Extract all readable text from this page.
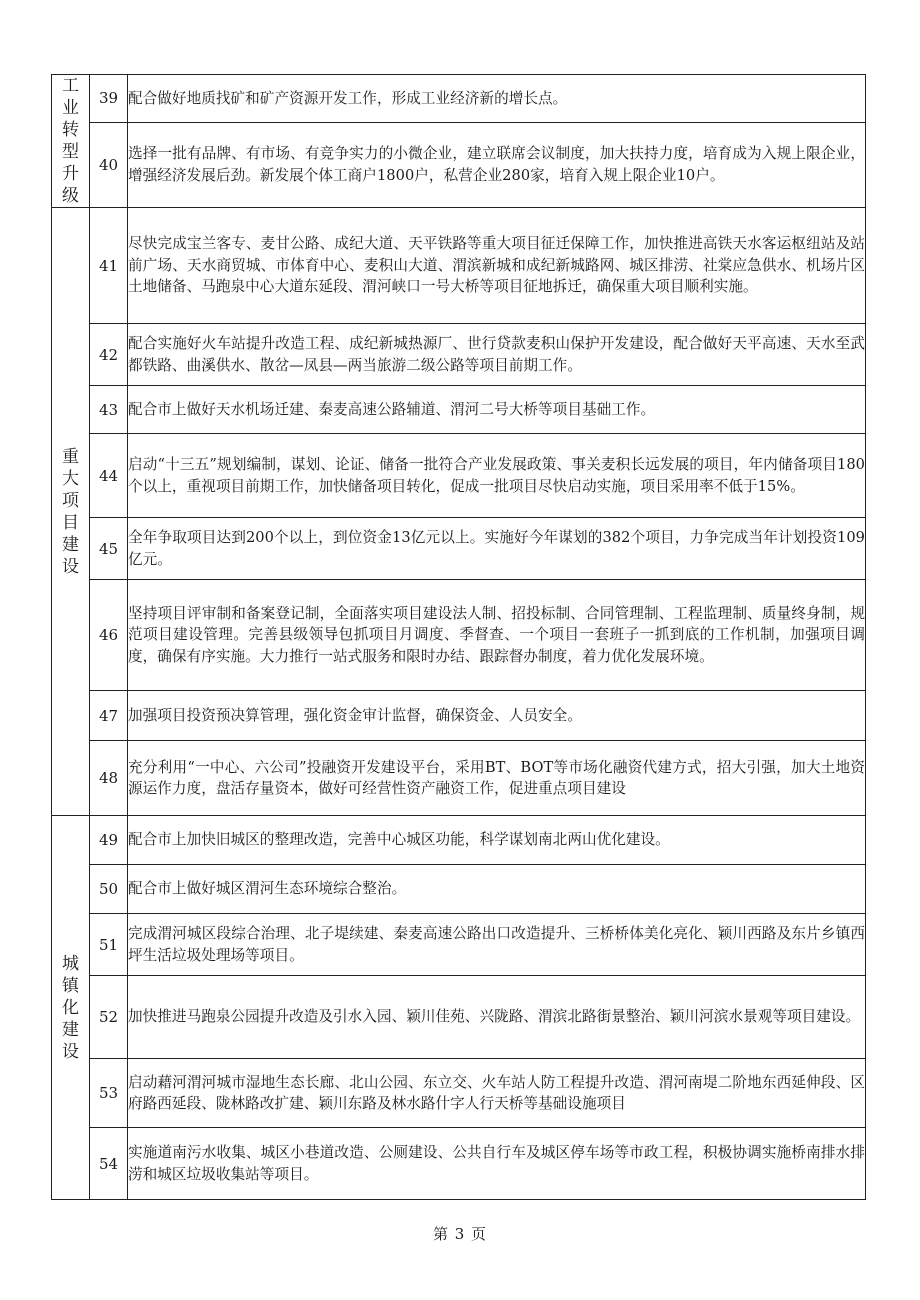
工业转型升级	39	配合做好地质找矿和矿产资源开发工作，形成工业经济新的增长点。

	40	选择一批有品牌、有市场、有竞争实力的小微企业，建立联席会议制度，加大扶持力度，培育成为入规上限企业，增强经济发展后劲。新发展个体工商户1800户，私营企业280家，培育入规上限企业10户。

重大项目建设	41	尽快完成宝兰客专、麦甘公路、成纪大道、天平铁路等重大项目征迁保障工作，加快推进高铁天水客运枢纽站及站前广场、天水商贸城、市体育中心、麦积山大道、渭滨新城和成纪新城路网、城区排涝、社棠应急供水、机场片区土地储备、马跑泉中心大道东延段、渭河峡口一号大桥等项目征地拆迁，确保重大项目顺利实施。

	42	配合实施好火车站提升改造工程、成纪新城热源厂、世行贷款麦积山保护开发建设，配合做好天平高速、天水至武都铁路、曲溪供水、散岔—凤县—两当旅游二级公路等项目前期工作。

	43	配合市上做好天水机场迁建、秦麦高速公路辅道、渭河二号大桥等项目基础工作。

	44	启动“十三五”规划编制，谋划、论证、储备一批符合产业发展政策、事关麦积长远发展的项目，年内储备项目180个以上，重视项目前期工作，加快储备项目转化，促成一批项目尽快启动实施，项目采用率不低于15%。

	45	全年争取项目达到200个以上，到位资金13亿元以上。实施好今年谋划的382个项目，力争完成当年计划投资109亿元。

	46	坚持项目评审制和备案登记制，全面落实项目建设法人制、招投标制、合同管理制、工程监理制、质量终身制，规范项目建设管理。完善县级领导包抓项目月调度、季督查、一个项目一套班子一抓到底的工作机制，加强项目调度，确保有序实施。大力推行一站式服务和限时办结、跟踪督办制度，着力优化发展环境。

	47	加强项目投资预决算管理，强化资金审计监督，确保资金、人员安全。

	48	充分利用“一中心、六公司”投融资开发建设平台，采用BT、BOT等市场化融资代建方式，招大引强，加大土地资源运作力度，盘活存量资本，做好可经营性资产融资工作，促进重点项目建设

城镇化建设	49	配合市上加快旧城区的整理改造，完善中心城区功能，科学谋划南北两山优化建设。

	50	配合市上做好城区渭河生态环境综合整治。

	51	完成渭河城区段综合治理、北子堤续建、秦麦高速公路出口改造提升、三桥桥体美化亮化、颖川西路及东片乡镇西坪生活垃圾处理场等项目。

	52	加快推进马跑泉公园提升改造及引水入园、颖川佳苑、兴陇路、渭滨北路街景整治、颖川河滨水景观等项目建设。

	53	启动藉河渭河城市湿地生态长廊、北山公园、东立交、火车站人防工程提升改造、渭河南堤二阶地东西延伸段、区府路西延段、陇林路改扩建、颖川东路及林水路什字人行天桥等基础设施项目

	54	实施道南污水收集、城区小巷道改造、公厕建设、公共自行车及城区停车场等市政工程，积极协调实施桥南排水排涝和城区垃圾收集站等项目。
第 3 页
